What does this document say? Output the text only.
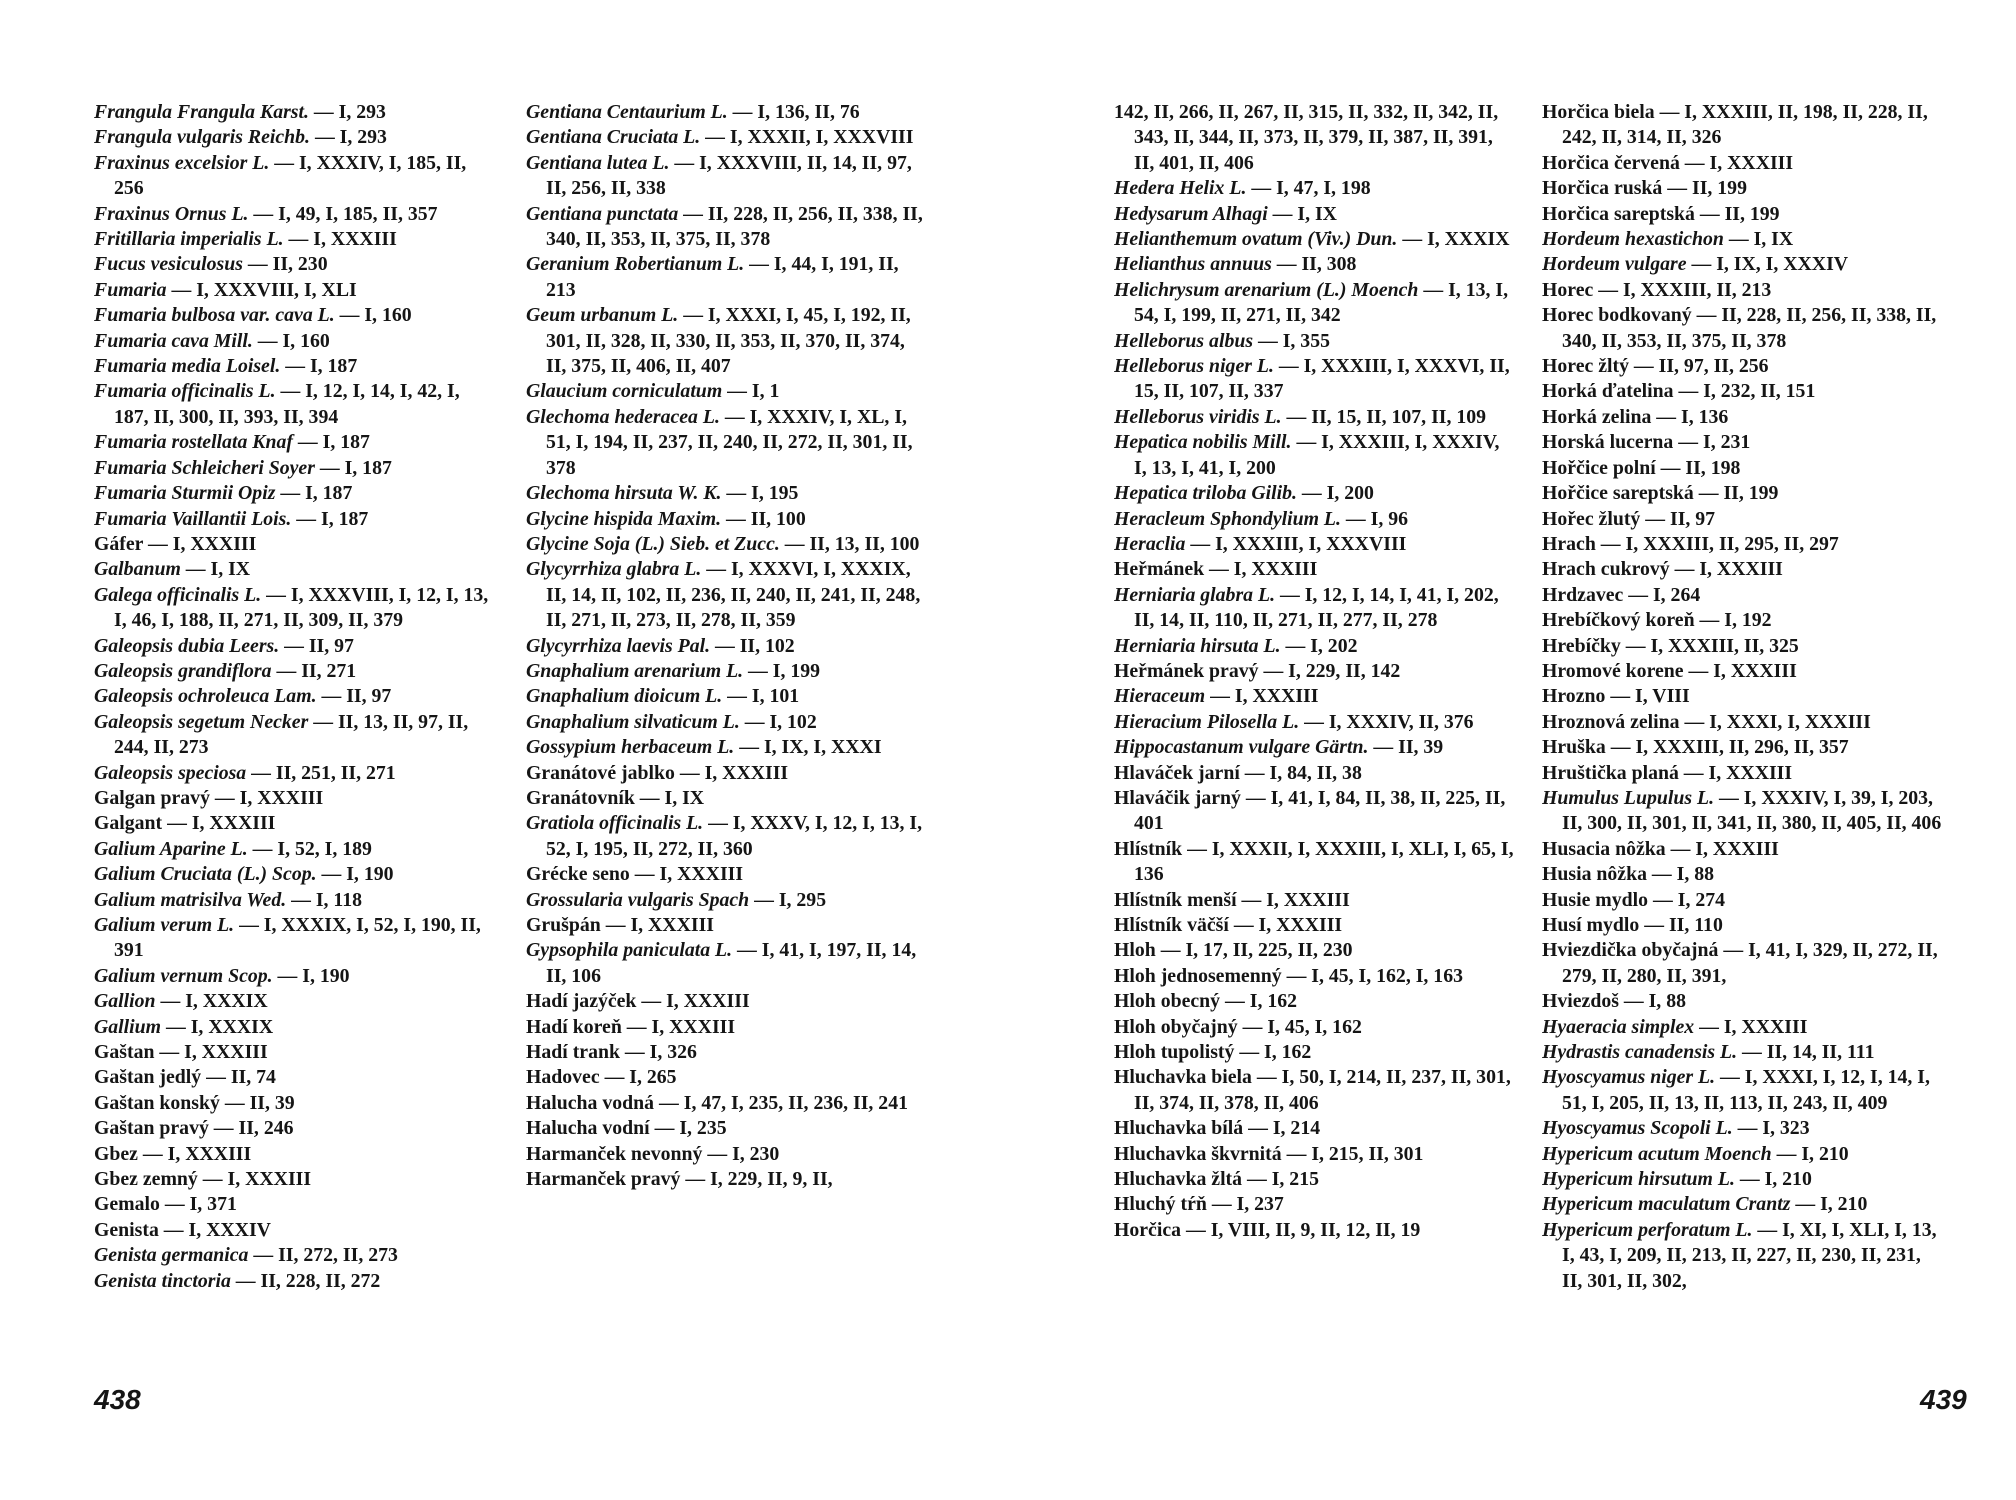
Frangula Frangula Karst. — I, 293
Frangula vulgaris Reichb. — I, 293
Fraxinus excelsior L. — I, XXXIV, I, 185, II, 256
Fraxinus Ornus L. — I, 49, I, 185, II, 357
Fritillaria imperialis L. — I, XXXIII
Fucus vesiculosus — II, 230
Fumaria — I, XXXVIII, I, XLI
Fumaria bulbosa var. cava L. — I, 160
Fumaria cava Mill. — I, 160
Fumaria media Loisel. — I, 187
Fumaria officinalis L. — I, 12, I, 14, I, 42, I, 187, II, 300, II, 393, II, 394
Fumaria rostellata Knaf — I, 187
Fumaria Schleicheri Soyer — I, 187
Fumaria Sturmii Opiz — I, 187
Fumaria Vaillantii Lois. — I, 187
Gáfer — I, XXXIII
Galbanum — I, IX
Galega officinalis L. — I, XXXVIII, I, 12, I, 13, I, 46, I, 188, II, 271, II, 309, II, 379
Galeopsis dubia Leers. — II, 97
Galeopsis grandiflora — II, 271
Galeopsis ochroleuca Lam. — II, 97
Galeopsis segetum Necker — II, 13, II, 97, II, 244, II, 273
Galeopsis speciosa — II, 251, II, 271
Galgan pravý — I, XXXIII
Galgant — I, XXXIII
Galium Aparine L. — I, 52, I, 189
Galium Cruciata (L.) Scop. — I, 190
Galium matrisilva Wed. — I, 118
Galium verum L. — I, XXXIX, I, 52, I, 190, II, 391
Galium vernum Scop. — I, 190
Gallion — I, XXXIX
Gallium — I, XXXIX
Gaštan — I, XXXIII
Gaštan jedlý — II, 74
Gaštan konský — II, 39
Gaštan pravý — II, 246
Gbez — I, XXXIII
Gbez zemný — I, XXXIII
Gemalo — I, 371
Genista — I, XXXIV
Genista germanica — II, 272, II, 273
Genista tinctoria — II, 228, II, 272
Gentiana Centaurium L. — I, 136, II, 76
Gentiana Cruciata L. — I, XXXII, I, XXXVIII
Gentiana lutea L. — I, XXXVIII, II, 14, II, 97, II, 256, II, 338
Gentiana punctata — II, 228, II, 256, II, 338, II, 340, II, 353, II, 375, II, 378
Geranium Robertianum L. — I, 44, I, 191, II, 213
Geum urbanum L. — I, XXXI, I, 45, I, 192, II, 301, II, 328, II, 330, II, 353, II, 370, II, 374, II, 375, II, 406, II, 407
Glaucium corniculatum — I, 1
Glechoma hederacea L. — I, XXXIV, I, XL, I, 51, I, 194, II, 237, II, 240, II, 272, II, 301, II, 378
Glechoma hirsuta W. K. — I, 195
Glycine hispida Maxim. — II, 100
Glycine Soja (L.) Sieb. et Zucc. — II, 13, II, 100
Glycyrrhiza glabra L. — I, XXXVI, I, XXXIX, II, 14, II, 102, II, 236, II, 240, II, 241, II, 248, II, 271, II, 273, II, 278, II, 359
Glycyrrhiza laevis Pal. — II, 102
Gnaphalium arenarium L. — I, 199
Gnaphalium dioicum L. — I, 101
Gnaphalium silvaticum L. — I, 102
Gossypium herbaceum L. — I, IX, I, XXXI
Granátové jablko — I, XXXIII
Granátovník — I, IX
Gratiola officinalis L. — I, XXXV, I, 12, I, 13, I, 52, I, 195, II, 272, II, 360
Grécke seno — I, XXXIII
Grossularia vulgaris Spach — I, 295
Grušpán — I, XXXIII
Gypsophila paniculata L. — I, 41, I, 197, II, 14, II, 106
Hadí jazýček — I, XXXIII
Hadí koreň — I, XXXIII
Hadí trank — I, 326
Hadovec — I, 265
Halucha vodná — I, 47, I, 235, II, 236, II, 241
Halucha vodní — I, 235
Harmanček nevonný — I, 230
Harmanček pravý — I, 229, II, 9, II,
438
142, II, 266, II, 267, II, 315, II, 332, II, 342, II, 343, II, 344, II, 373, II, 379, II, 387, II, 391, II, 401, II, 406
Hedera Helix L. — I, 47, I, 198
Hedysarum Alhagi — I, IX
Helianthemum ovatum (Viv.) Dun. — I, XXXIX
Helianthus annuus — II, 308
Helichrysum arenarium (L.) Moench — I, 13, I, 54, I, 199, II, 271, II, 342
Helleborus albus — I, 355
Helleborus niger L. — I, XXXIII, I, XXXVI, II, 15, II, 107, II, 337
Helleborus viridis L. — II, 15, II, 107, II, 109
Hepatica nobilis Mill. — I, XXXIII, I, XXXIV, I, 13, I, 41, I, 200
Hepatica triloba Gilib. — I, 200
Heracleum Sphondylium L. — I, 96
Heraclia — I, XXXIII, I, XXXVIII
Heřmánek — I, XXXIII
Herniaria glabra L. — I, 12, I, 14, I, 41, I, 202, II, 14, II, 110, II, 271, II, 277, II, 278
Herniaria hirsuta L. — I, 202
Heřmánek pravý — I, 229, II, 142
Hieraceum — I, XXXIII
Hieracium Pilosella L. — I, XXXIV, II, 376
Hippocastanum vulgare Gärtn. — II, 39
Hlaváček jarní — I, 84, II, 38
Hlaváčik jarný — I, 41, I, 84, II, 38, II, 225, II, 401
Hlístník — I, XXXII, I, XXXIII, I, XLI, I, 65, I, 136
Hlístník menší — I, XXXIII
Hlístník väčší — I, XXXIII
Hloh — I, 17, II, 225, II, 230
Hloh jednosemenný — I, 45, I, 162, I, 163
Hloh obecný — I, 162
Hloh obyčajný — I, 45, I, 162
Hloh tupolistý — I, 162
Hluchavka biela — I, 50, I, 214, II, 237, II, 301, II, 374, II, 378, II, 406
Hluchavka bílá — I, 214
Hluchavka škvrnitá — I, 215, II, 301
Hluchavka žltá — I, 215
Hluchý tŕň — I, 237
Horčica — I, VIII, II, 9, II, 12, II, 19
Horčica biela — I, XXXIII, II, 198, II, 228, II, 242, II, 314, II, 326
Horčica červená — I, XXXIII
Horčica ruská — II, 199
Horčica sareptská — II, 199
Hordeum hexastichon — I, IX
Hordeum vulgare — I, IX, I, XXXIV
Horec — I, XXXIII, II, 213
Horec bodkovaný — II, 228, II, 256, II, 338, II, 340, II, 353, II, 375, II, 378
Horec žltý — II, 97, II, 256
Horká ďatelina — I, 232, II, 151
Horká zelina — I, 136
Horská lucerna — I, 231
Hořčice polní — II, 198
Hořčice sareptská — II, 199
Hořec žlutý — II, 97
Hrach — I, XXXIII, II, 295, II, 297
Hrach cukrový — I, XXXIII
Hrdzavec — I, 264
Hrebíčkový koreň — I, 192
Hrebíčky — I, XXXIII, II, 325
Hromové korene — I, XXXIII
Hrozno — I, VIII
Hroznová zelina — I, XXXI, I, XXXIII
Hruška — I, XXXIII, II, 296, II, 357
Hruštička planá — I, XXXIII
Humulus Lupulus L. — I, XXXIV, I, 39, I, 203, II, 300, II, 301, II, 341, II, 380, II, 405, II, 406
Husacia nôžka — I, XXXIII
Husia nôžka — I, 88
Husie mydlo — I, 274
Husí mydlo — II, 110
Hviezdička obyčajná — I, 41, I, 329, II, 272, II, 279, II, 280, II, 391,
Hviezdoš — I, 88
Hyaeracia simplex — I, XXXIII
Hydrastis canadensis L. — II, 14, II, 111
Hyoscyamus niger L. — I, XXXI, I, 12, I, 14, I, 51, I, 205, II, 13, II, 113, II, 243, II, 409
Hyoscyamus Scopoli L. — I, 323
Hypericum acutum Moench — I, 210
Hypericum hirsutum L. — I, 210
Hypericum maculatum Crantz — I, 210
Hypericum perforatum L. — I, XI, I, XLI, I, 13, I, 43, I, 209, II, 213, II, 227, II, 230, II, 231, II, 301, II, 302,
439
